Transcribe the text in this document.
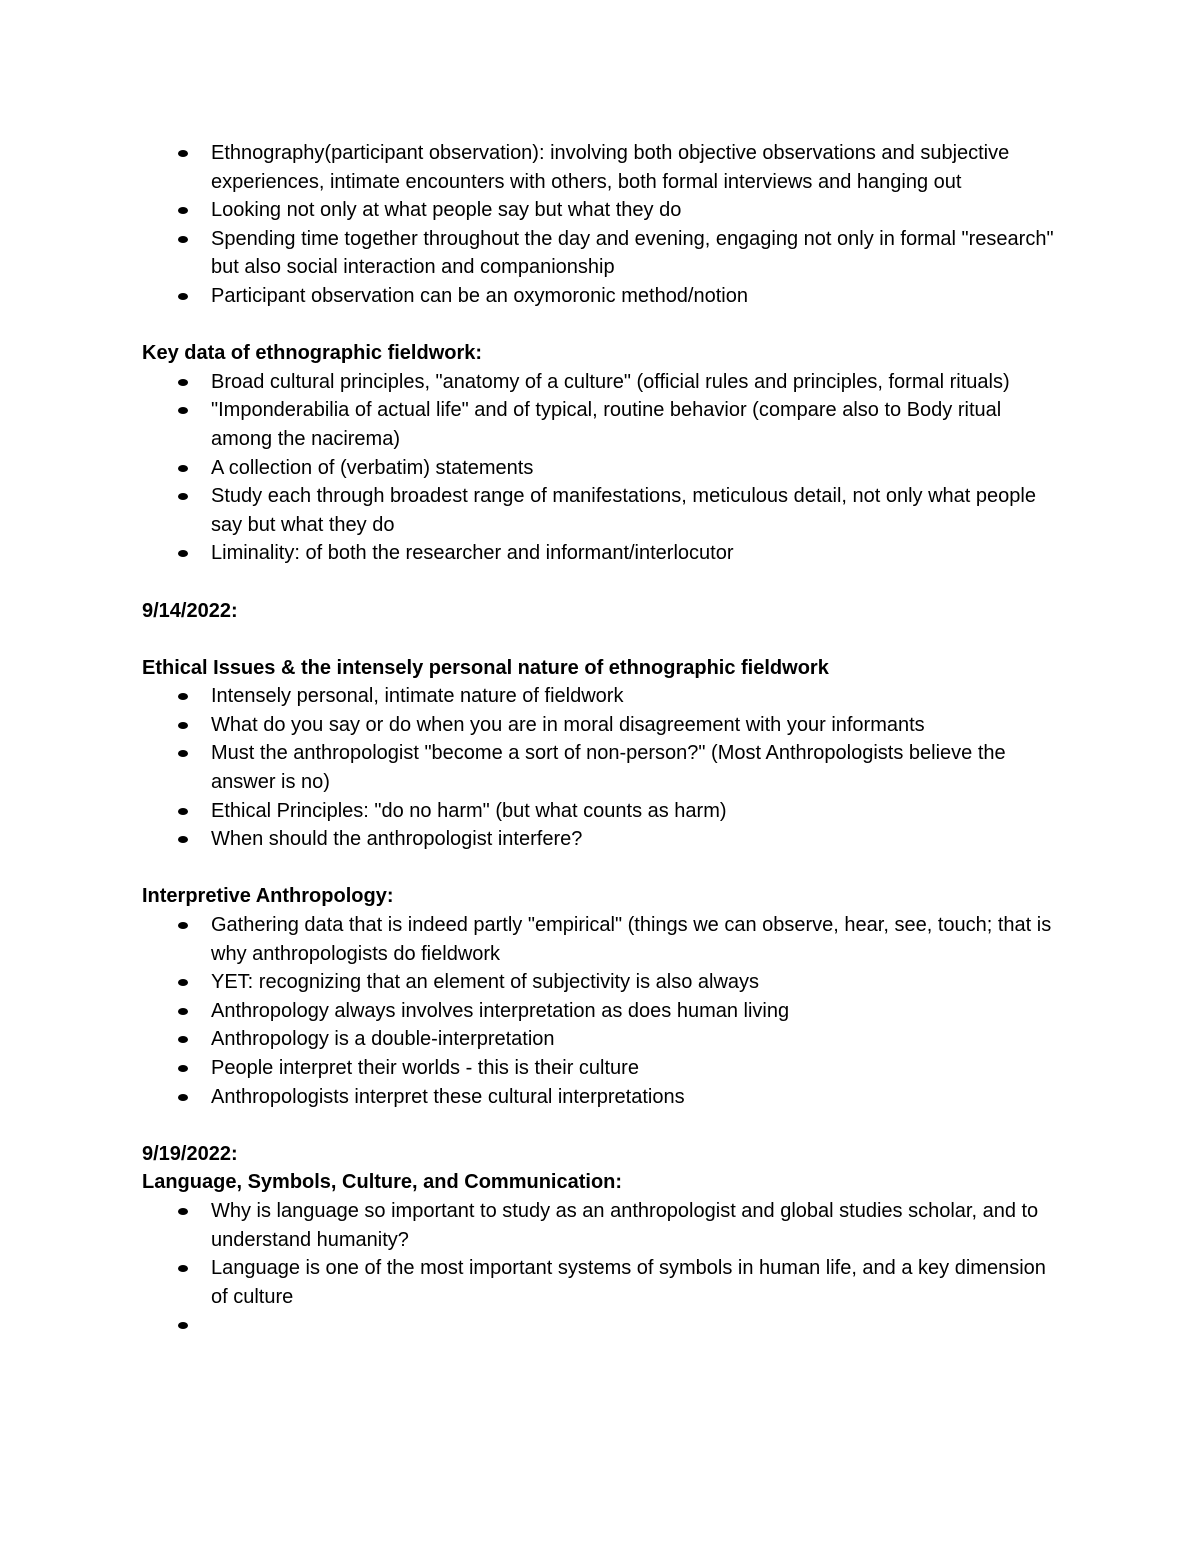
Ethnography(participant observation): involving both objective observations and subjective experiences, intimate encounters with others, both formal interviews and hanging out
Looking not only at what people say but what they do
Spending time together throughout the day and evening, engaging not only in formal "research" but also social interaction and companionship
Participant observation can be an oxymoronic method/notion

Key data of ethnographic fieldwork:

Broad cultural principles, "anatomy of a culture" (official rules and principles, formal rituals)
"Imponderabilia of actual life" and of typical, routine behavior (compare also to Body ritual among the nacirema)
A collection of (verbatim) statements
Study each through broadest range of manifestations, meticulous detail, not only what people say but what they do
Liminality: of both the researcher and informant/interlocutor

9/14/2022:

Ethical Issues & the intensely personal nature of ethnographic fieldwork

Intensely personal, intimate nature of fieldwork
What do you say or do when you are in moral disagreement with your informants
Must the anthropologist "become a sort of non-person?" (Most Anthropologists believe the answer is no)
Ethical Principles: "do no harm" (but what counts as harm)
When should the anthropologist interfere?

Interpretive Anthropology:

Gathering data that is indeed partly "empirical" (things we can observe, hear, see, touch; that is why anthropologists do fieldwork
YET: recognizing that an element of subjectivity is also always
Anthropology always involves interpretation as does human living
Anthropology is a double-interpretation
People interpret their worlds - this is their culture
Anthropologists interpret these cultural interpretations

9/19/2022:

Language, Symbols, Culture, and Communication:

Why is language so important to study as an anthropologist and global studies scholar, and to understand humanity?
Language is one of the most important systems of symbols in human life, and a key dimension of culture
